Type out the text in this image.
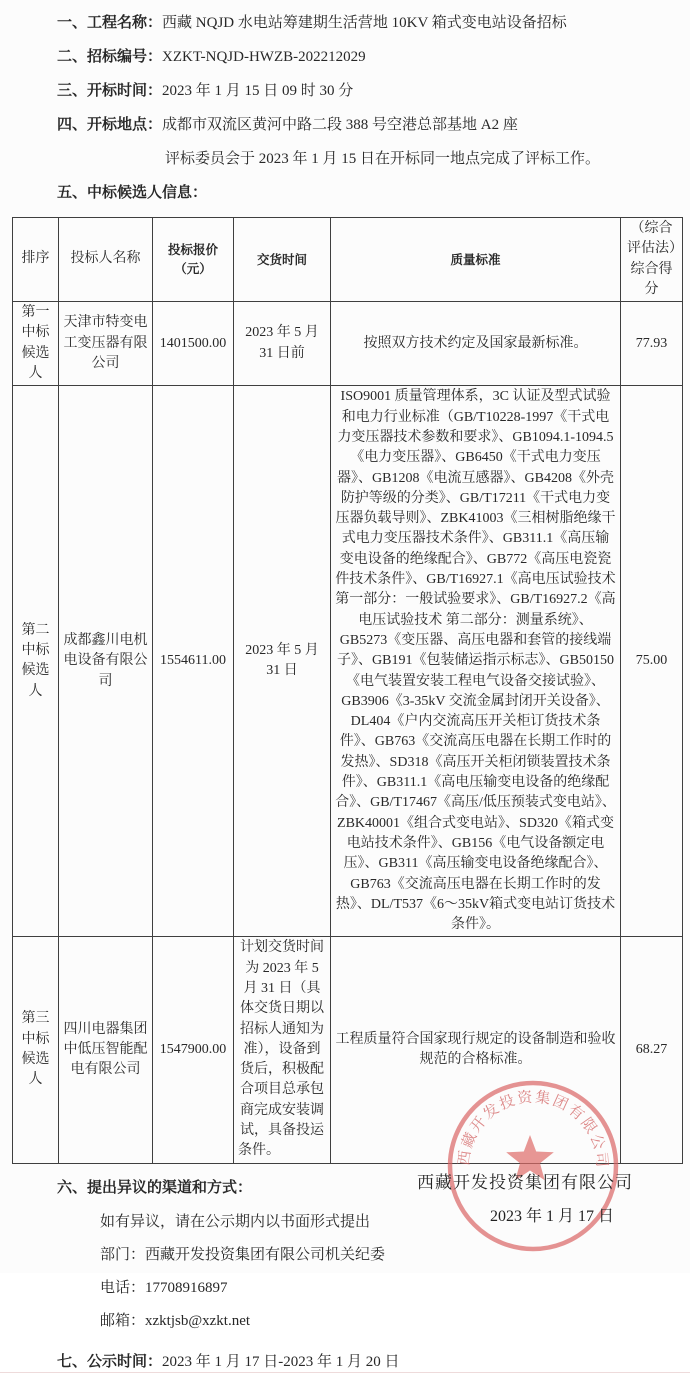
一、工程名称：西藏 NQJD 水电站筹建期生活营地 10KV 箱式变电站设备招标
二、招标编号：XZKT-NQJD-HWZB-202212029
三、开标时间：2023 年 1 月 15 日 09 时 30 分
四、开标地点：成都市双流区黄河中路二段 388 号空港总部基地 A2 座
评标委员会于 2023 年 1 月 15 日在开标同一地点完成了评标工作。
五、中标候选人信息：
排序	投标人名称	投标报价（元）	交货时间	质量标准	（综合评估法）综合得分
第一中标候选人	天津市特变电工变压器有限公司	1401500.00	2023 年 5 月 31 日前	按照双方技术约定及国家最新标准。	77.93
第二中标候选人	成都鑫川电机电设备有限公司	1554611.00	2023 年 5 月 31 日	ISO9001 质量管理体系，3C 认证及型式试验和电力行业标准（GB/T10228-1997《干式电力变压器技术参数和要求》、GB1094.1-1094.5《电力变压器》、GB6450《干式电力变压器》、GB1208《电流互感器》、GB4208《外壳防护等级的分类》、GB/T17211《干式电力变压器负载导则》、ZBK41003《三相树脂绝缘干式电力变压器技术条件》、GB311.1《高压输变电设备的绝缘配合》、GB772《高压电瓷瓷件技术条件》、GB/T16927.1《高电压试验技术 第一部分：一般试验要求》、GB/T16927.2《高电压试验技术 第二部分：测量系统》、GB5273《变压器、高压电器和套管的接线端子》、GB191《包装储运指示标志》、GB50150《电气装置安装工程电气设备交接试验》、GB3906《3-35kV 交流金属封闭开关设备》、DL404《户内交流高压开关柜订货技术条件》、GB763《交流高压电器在长期工作时的发热》、SD318《高压开关柜闭锁装置技术条件》、GB311.1《高电压输变电设备的绝缘配合》、GB/T17467《高压/低压预装式变电站》、ZBK40001《组合式变电站》、SD320《箱式变电站技术条件》、GB156《电气设备额定电压》、GB311《高压输变电设备绝缘配合》、GB763《交流高压电器在长期工作时的发热》、DL/T537《6～35kV箱式变电站订货技术条件》。	75.00
第三中标候选人	四川电器集团中低压智能配电有限公司	1547900.00	计划交货时间为 2023 年 5 月 31 日（具体交货日期以招标人通知为准），设备到货后，积极配合项目总承包商完成安装调试，具备投运条件。	工程质量符合国家现行规定的设备制造和验收规范的合格标准。	68.27
六、提出异议的渠道和方式：
如有异议，请在公示期内以书面形式提出
部门：西藏开发投资集团有限公司机关纪委
电话：17708916897
邮箱：xzktjsb@xzkt.net
七、公示时间：2023 年 1 月 17 日-2023 年 1 月 20 日
西藏开发投资集团有限公司
西藏开发投资集团有限公司
2023 年 1 月 17 日
